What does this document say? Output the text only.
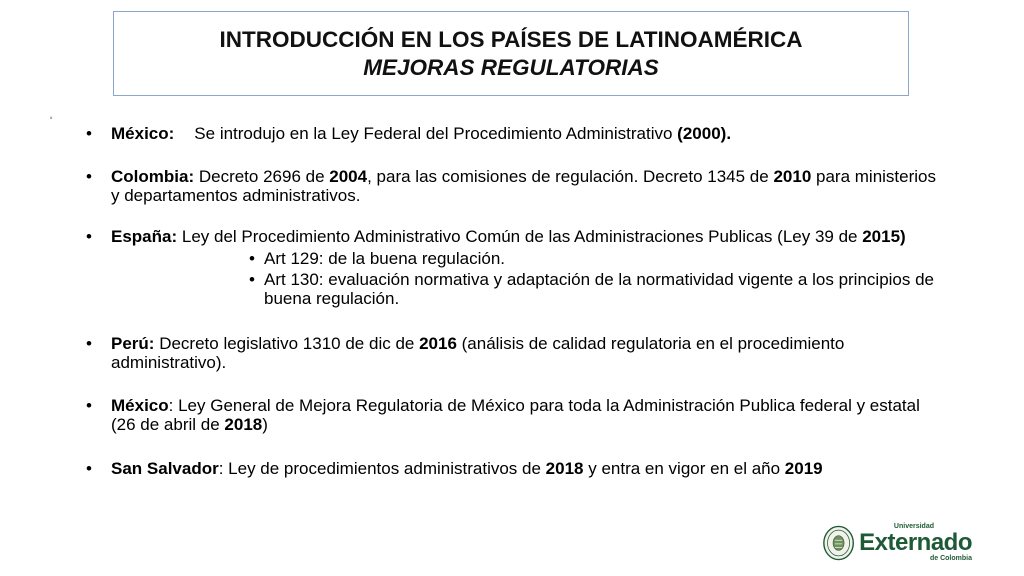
INTRODUCCIÓN EN LOS PAÍSES DE LATINOAMÉRICA
MEJORAS REGULATORIAS
ª
• México: Se introdujo en la Ley Federal del Procedimiento Administrativo (2000).
• Colombia: Decreto 2696 de 2004, para las comisiones de regulación. Decreto 1345 de 2010 para ministerios y departamentos administrativos.
• España: Ley del Procedimiento Administrativo Común de las Administraciones Publicas (Ley 39 de 2015)
• Art 129: de la buena regulación.
• Art 130: evaluación normativa y adaptación de la normatividad vigente a los principios de buena regulación.
• Perú: Decreto legislativo 1310 de dic de 2016 (análisis de calidad regulatoria en el procedimiento administrativo).
• México: Ley General de Mejora Regulatoria de México para toda la Administración Publica federal y estatal (26 de abril de 2018)
• San Salvador: Ley de procedimientos administrativos de 2018 y entra en vigor en el año 2019
Universidad
Externado
de Colombia
